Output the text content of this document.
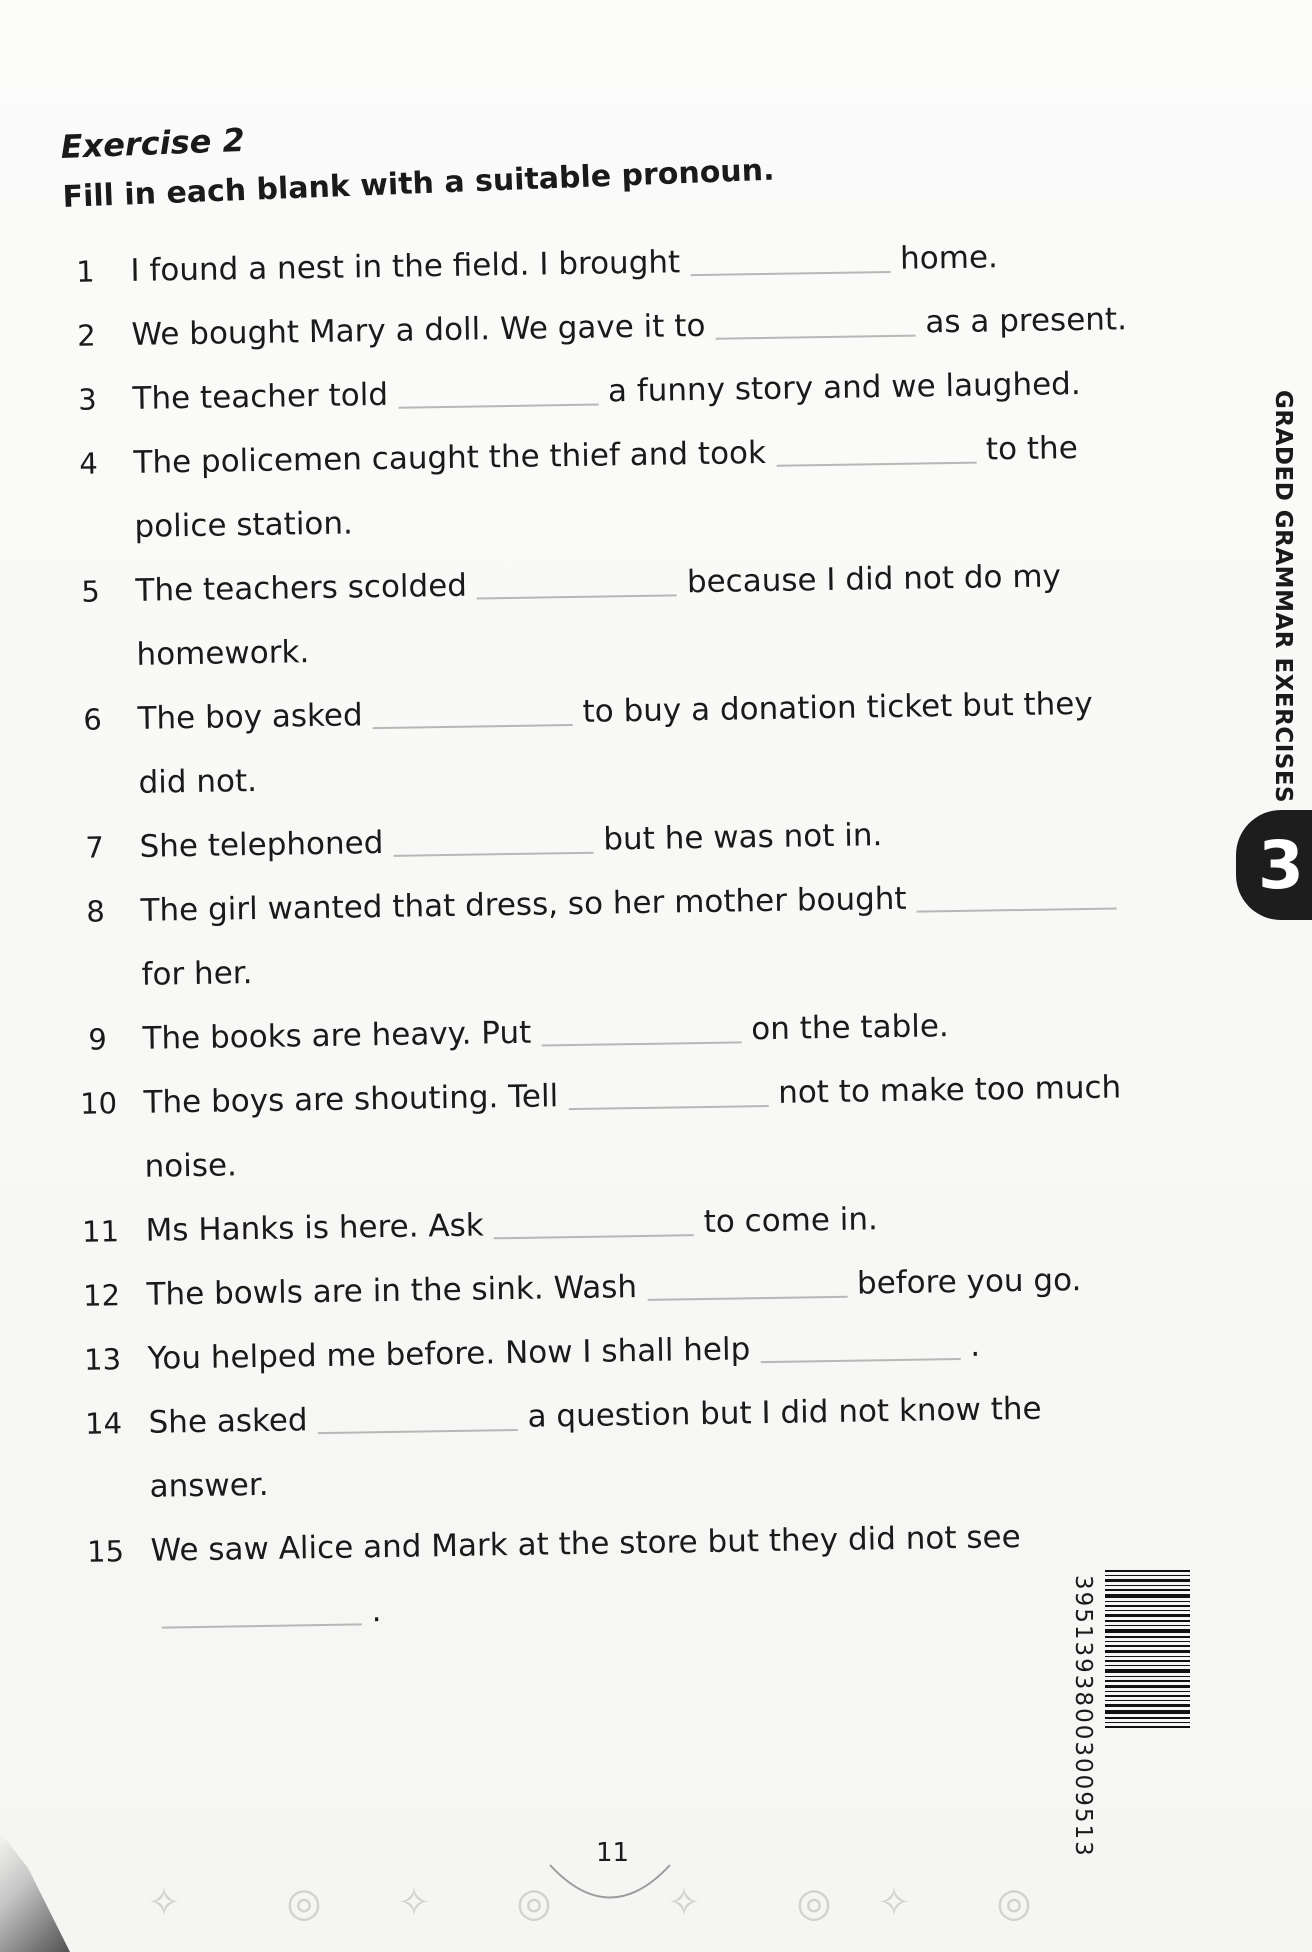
Exercise 2

Fill in each blank with a suitable pronoun.

1	I found a nest in the field. I brought	home.
2	We bought Mary a doll. We gave it to	as a present.
3	The teacher told	a funny story and we laughed.
4	The policemen caught the thief and took	to the
police station.
5	The teachers scolded	because I did not do my
homework.
6	The boy asked	to buy a donation ticket but they
did not.
7	She telephoned	but he was not in.
8	The girl wanted that dress, so her mother bought
for her.
9	The books are heavy. Put	on the table.
10 The boys are shouting. Tell	not to make too much
noise.
11 Ms Hanks is here. Ask	to come in.
12 The bowls are in the sink. Wash	before you go.
13 You helped me before. Now I shall help	.
14 She asked	a question but I did not know the
answer.
15 We saw Alice and Mark at the store but they did not see
.
GRADED GRAMMAR EXERCISES
3
39513938003009513
11
✧	◎ ✧ ◎	✧ ◎ ✧ ◎
